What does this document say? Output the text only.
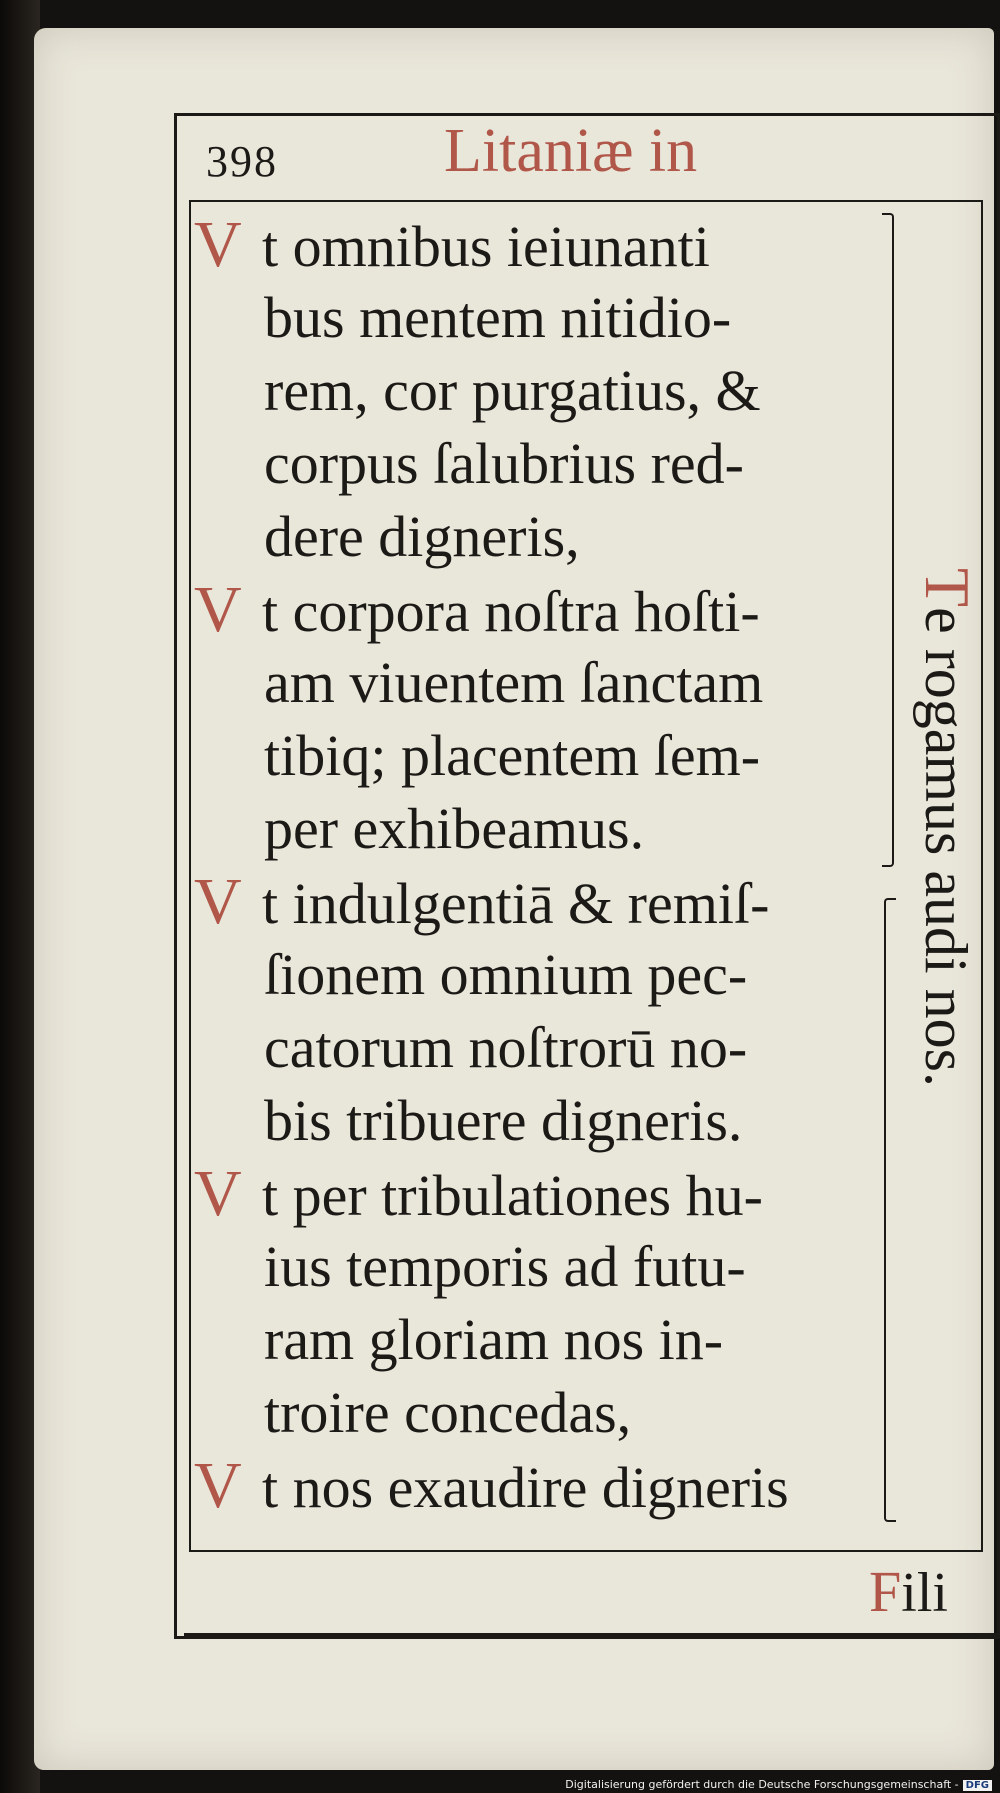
398	Litaniæ in
V t omnibus ieiunanti
bus mentem nitidio-
rem, cor purgatius, &
corpus ſalubrius red-
dere digneris,
V t corpora noſtra hoſti-
am viuentem ſanctam
tibiq; placentem ſem-
per exhibeamus.
V t indulgentiā & remiſ-
ſionem omnium pec-
catorum noſtrorū no-
bis tribuere digneris.
V t per tribulationes hu-
ius temporis ad futu-
ram gloriam nos in-
troire concedas,
V t nos exaudire digneris
Te rogamus audi nos.
Fili
Digitalisierung gefördert durch die Deutsche Forschungsgemeinschaft - DFG
